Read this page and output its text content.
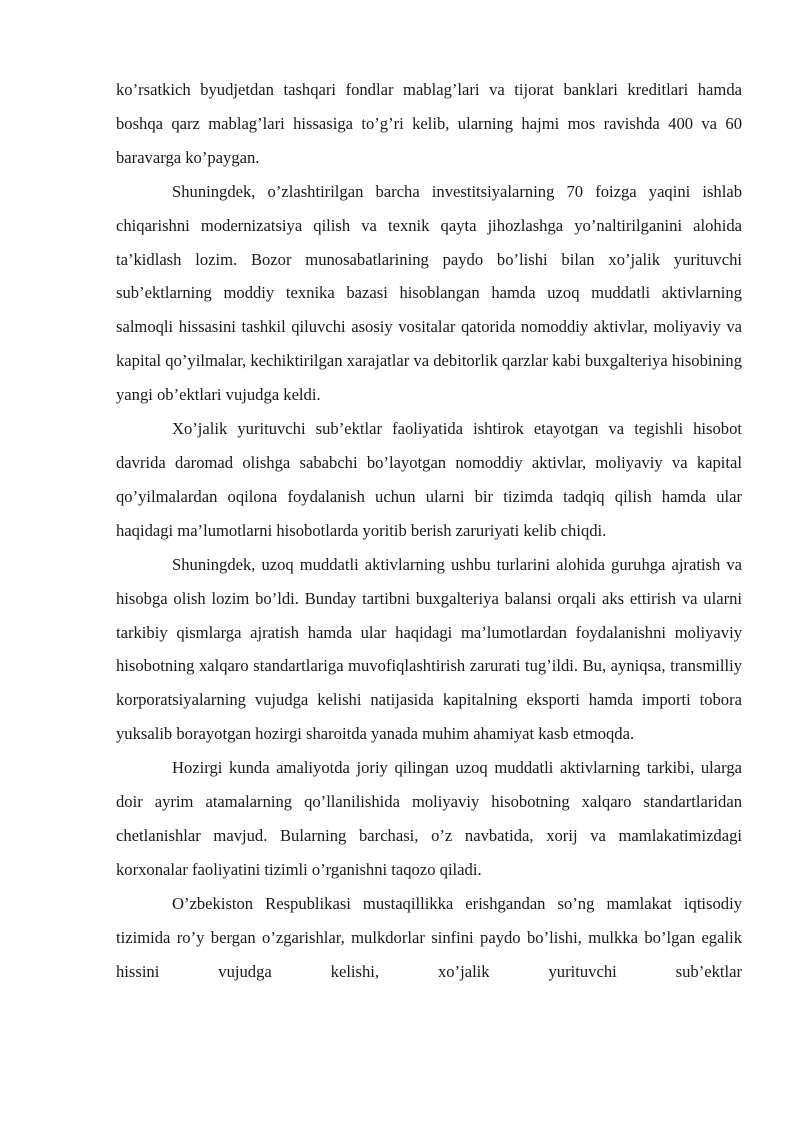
ko’rsatkich byudjetdan tashqari fondlar mablag’lari va tijorat banklari kreditlari hamda boshqa qarz mablag’lari hissasiga to’g’ri kelib, ularning hajmi mos ravishda 400 va 60 baravarga ko’paygan.

Shuningdek, o’zlashtirilgan barcha investitsiyalarning 70 foizga yaqini ishlab chiqarishni modernizatsiya qilish va texnik qayta jihozlashga yo’naltirilganini alohida ta’kidlash lozim. Bozor munosabatlarining paydo bo’lishi bilan xo’jalik yurituvchi sub’ektlarning moddiy texnika bazasi hisoblangan hamda uzoq muddatli aktivlarning salmoqli hissasini tashkil qiluvchi asosiy vositalar qatorida nomoddiy aktivlar, moliyaviy va kapital qo’yilmalar, kechiktirilgan xarajatlar va debitorlik qarzlar kabi buxgalteriya hisobining yangi ob’ektlari vujudga keldi.

Xo’jalik yurituvchi sub’ektlar faoliyatida ishtirok etayotgan va tegishli hisobot davrida daromad olishga sababchi bo’layotgan nomoddiy aktivlar, moliyaviy va kapital qo’yilmalardan oqilona foydalanish uchun ularni bir tizimda tadqiq qilish hamda ular haqidagi ma’lumotlarni hisobotlarda yoritib berish zaruriyati kelib chiqdi.

Shuningdek, uzoq muddatli aktivlarning ushbu turlarini alohida guruhga ajratish va hisobga olish lozim bo’ldi. Bunday tartibni buxgalteriya balansi orqali aks ettirish va ularni tarkibiy qismlarga ajratish hamda ular haqidagi ma’lumotlardan foydalanishni moliyaviy hisobotning xalqaro standartlariga muvofiqlashtirish zarurati tug’ildi. Bu, ayniqsa, transmilliy korporatsiyalarning vujudga kelishi natijasida kapitalning eksporti hamda importi tobora yuksalib borayotgan hozirgi sharoitda yanada muhim ahamiyat kasb etmoqda.

Hozirgi kunda amaliyotda joriy qilingan uzoq muddatli aktivlarning tarkibi, ularga doir ayrim atamalarning qo’llanilishida moliyaviy hisobotning xalqaro standartlaridan chetlanishlar mavjud. Bularning barchasi, o’z navbatida, xorij va mamlakatimizdagi korxonalar faoliyatini tizimli o’rganishni taqozo qiladi.

O’zbekiston Respublikasi mustaqillikka erishgandan so’ng mamlakat iqtisodiy tizimida ro’y bergan o’zgarishlar, mulkdorlar sinfini paydo bo’lishi, mulkka bo’lgan egalik hissini vujudga kelishi, xo’jalik yurituvchi sub’ektlar
